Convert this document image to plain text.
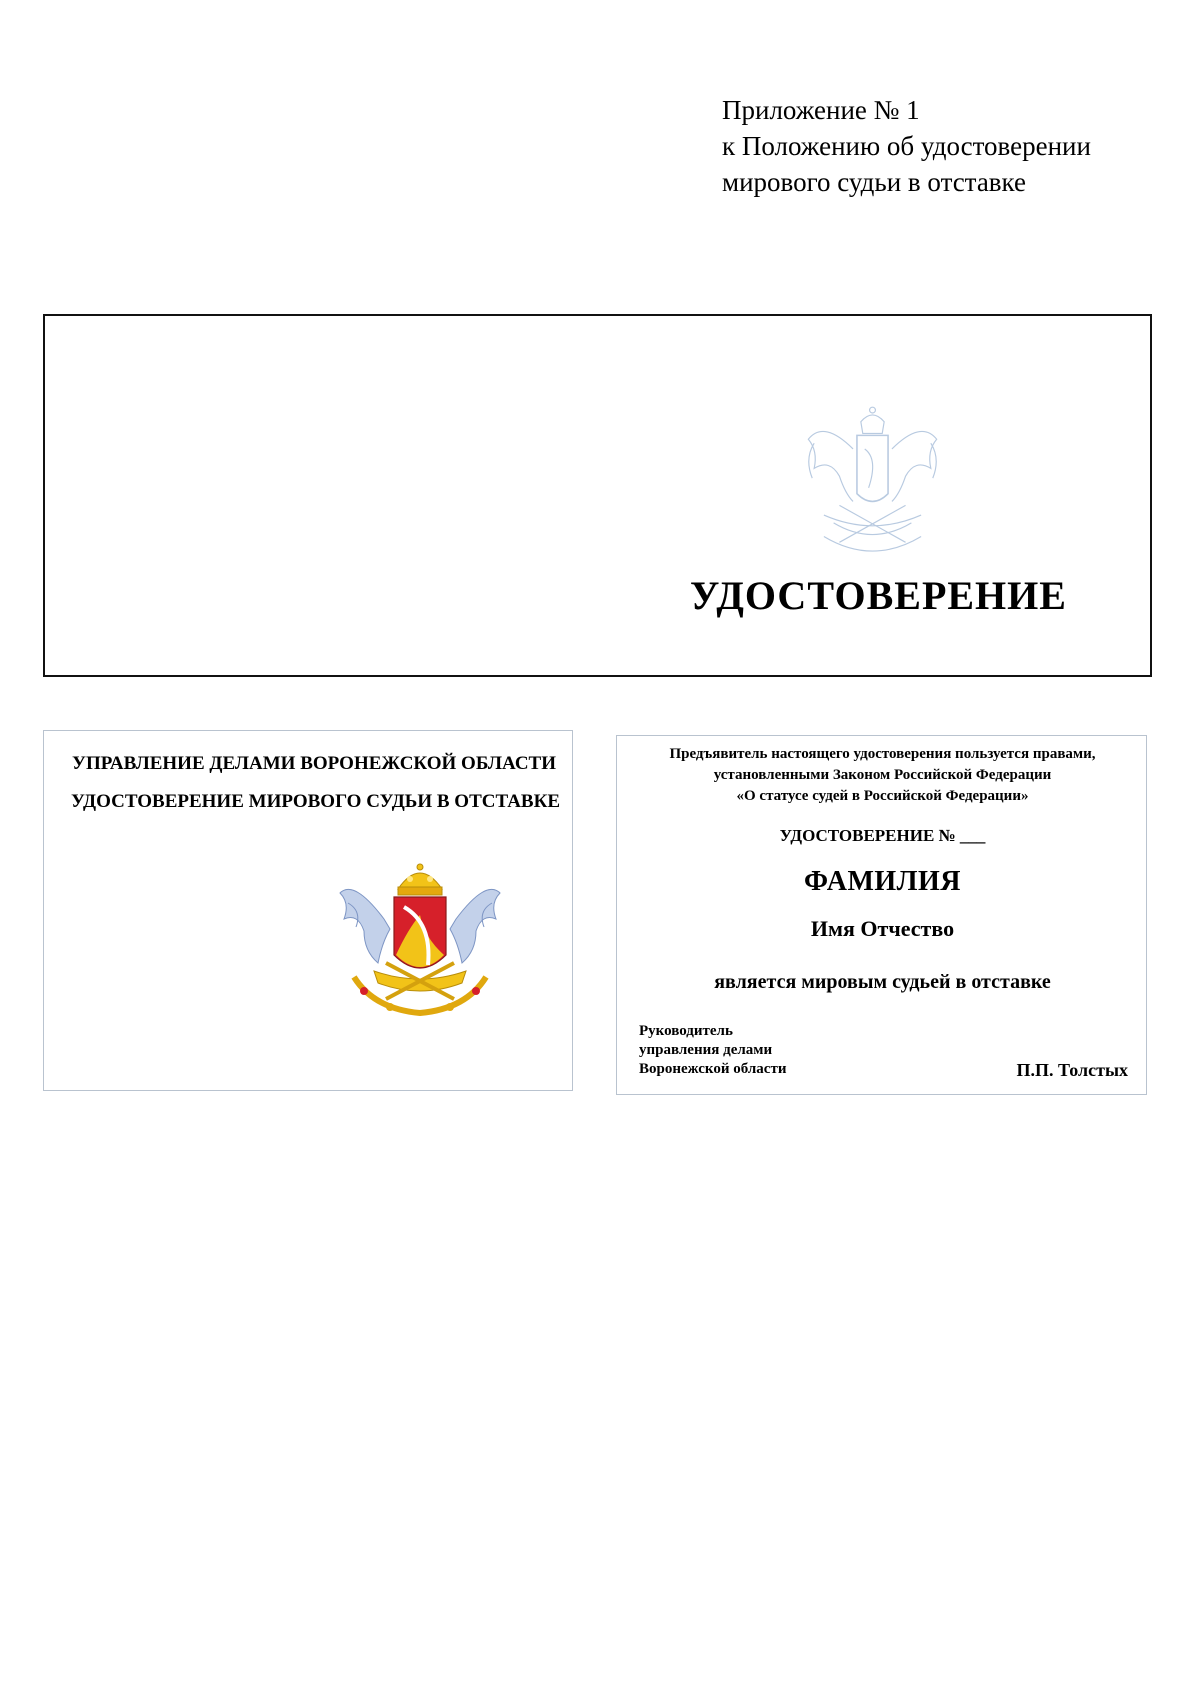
Приложение № 1
к Положению об удостоверении
мирового судьи в отставке
УДОСТОВЕРЕНИЕ
УПРАВЛЕНИЕ ДЕЛАМИ ВОРОНЕЖСКОЙ ОБЛАСТИ
УДОСТОВЕРЕНИЕ МИРОВОГО СУДЬИ В ОТСТАВКЕ
Предъявитель настоящего удостоверения пользуется правами,
установленными Законом Российской Федерации
«О статусе судей в Российской Федерации»
УДОСТОВЕРЕНИЕ № ___
ФАМИЛИЯ
Имя Отчество
является мировым судьей в отставке
Руководитель
управления делами
Воронежской области	П.П. Толстых
